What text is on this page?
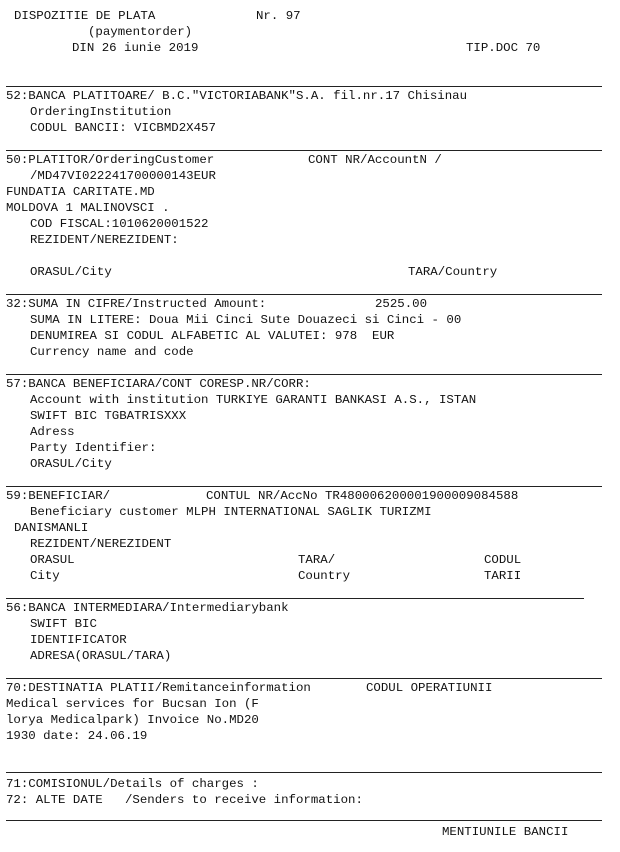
DISPOZITIE DE PLATA	Nr. 97
(paymentorder)
DIN 26 iunie 2019	TIP.DOC 70
52:BANCA PLATITOARE/ B.C."VICTORIABANK"S.A. fil.nr.17 Chisinau
OrderingInstitution
CODUL BANCII: VICBMD2X457
50:PLATITOR/OrderingCustomer	CONT NR/AccountN /
/MD47VI022241700000143EUR
FUNDATIA CARITATE.MD
MOLDOVA 1 MALINOVSCI .
COD FISCAL:1010620001522
REZIDENT/NEREZIDENT:
ORASUL/City	TARA/Country
32:SUMA IN CIFRE/Instructed Amount:	2525.00
SUMA IN LITERE: Doua Mii Cinci Sute Douazeci si Cinci - 00
DENUMIREA SI CODUL ALFABETIC AL VALUTEI: 978  EUR
Currency name and code
57:BANCA BENEFICIARA/CONT CORESP.NR/CORR:
Account with institution TURKIYE GARANTI BANKASI A.S., ISTAN
SWIFT BIC TGBATRISXXX
Adress
Party Identifier:
ORASUL/City
59:BENEFICIAR/	CONTUL NR/AccNo TR480006200001900009084588
Beneficiary customer MLPH INTERNATIONAL SAGLIK TURIZMI
DANISMANLI
REZIDENT/NEREZIDENT
ORASUL	TARA/	CODUL
City	Country	TARII
56:BANCA INTERMEDIARA/Intermediarybank
SWIFT BIC
IDENTIFICATOR
ADRESA(ORASUL/TARA)
70:DESTINATIA PLATII/Remitanceinformation	CODUL OPERATIUNII
Medical services for Bucsan Ion (F
lorya Medicalpark) Invoice No.MD20
1930 date: 24.06.19
71:COMISIONUL/Details of charges :
72: ALTE DATE   /Senders to receive information:
MENTIUNILE BANCII
